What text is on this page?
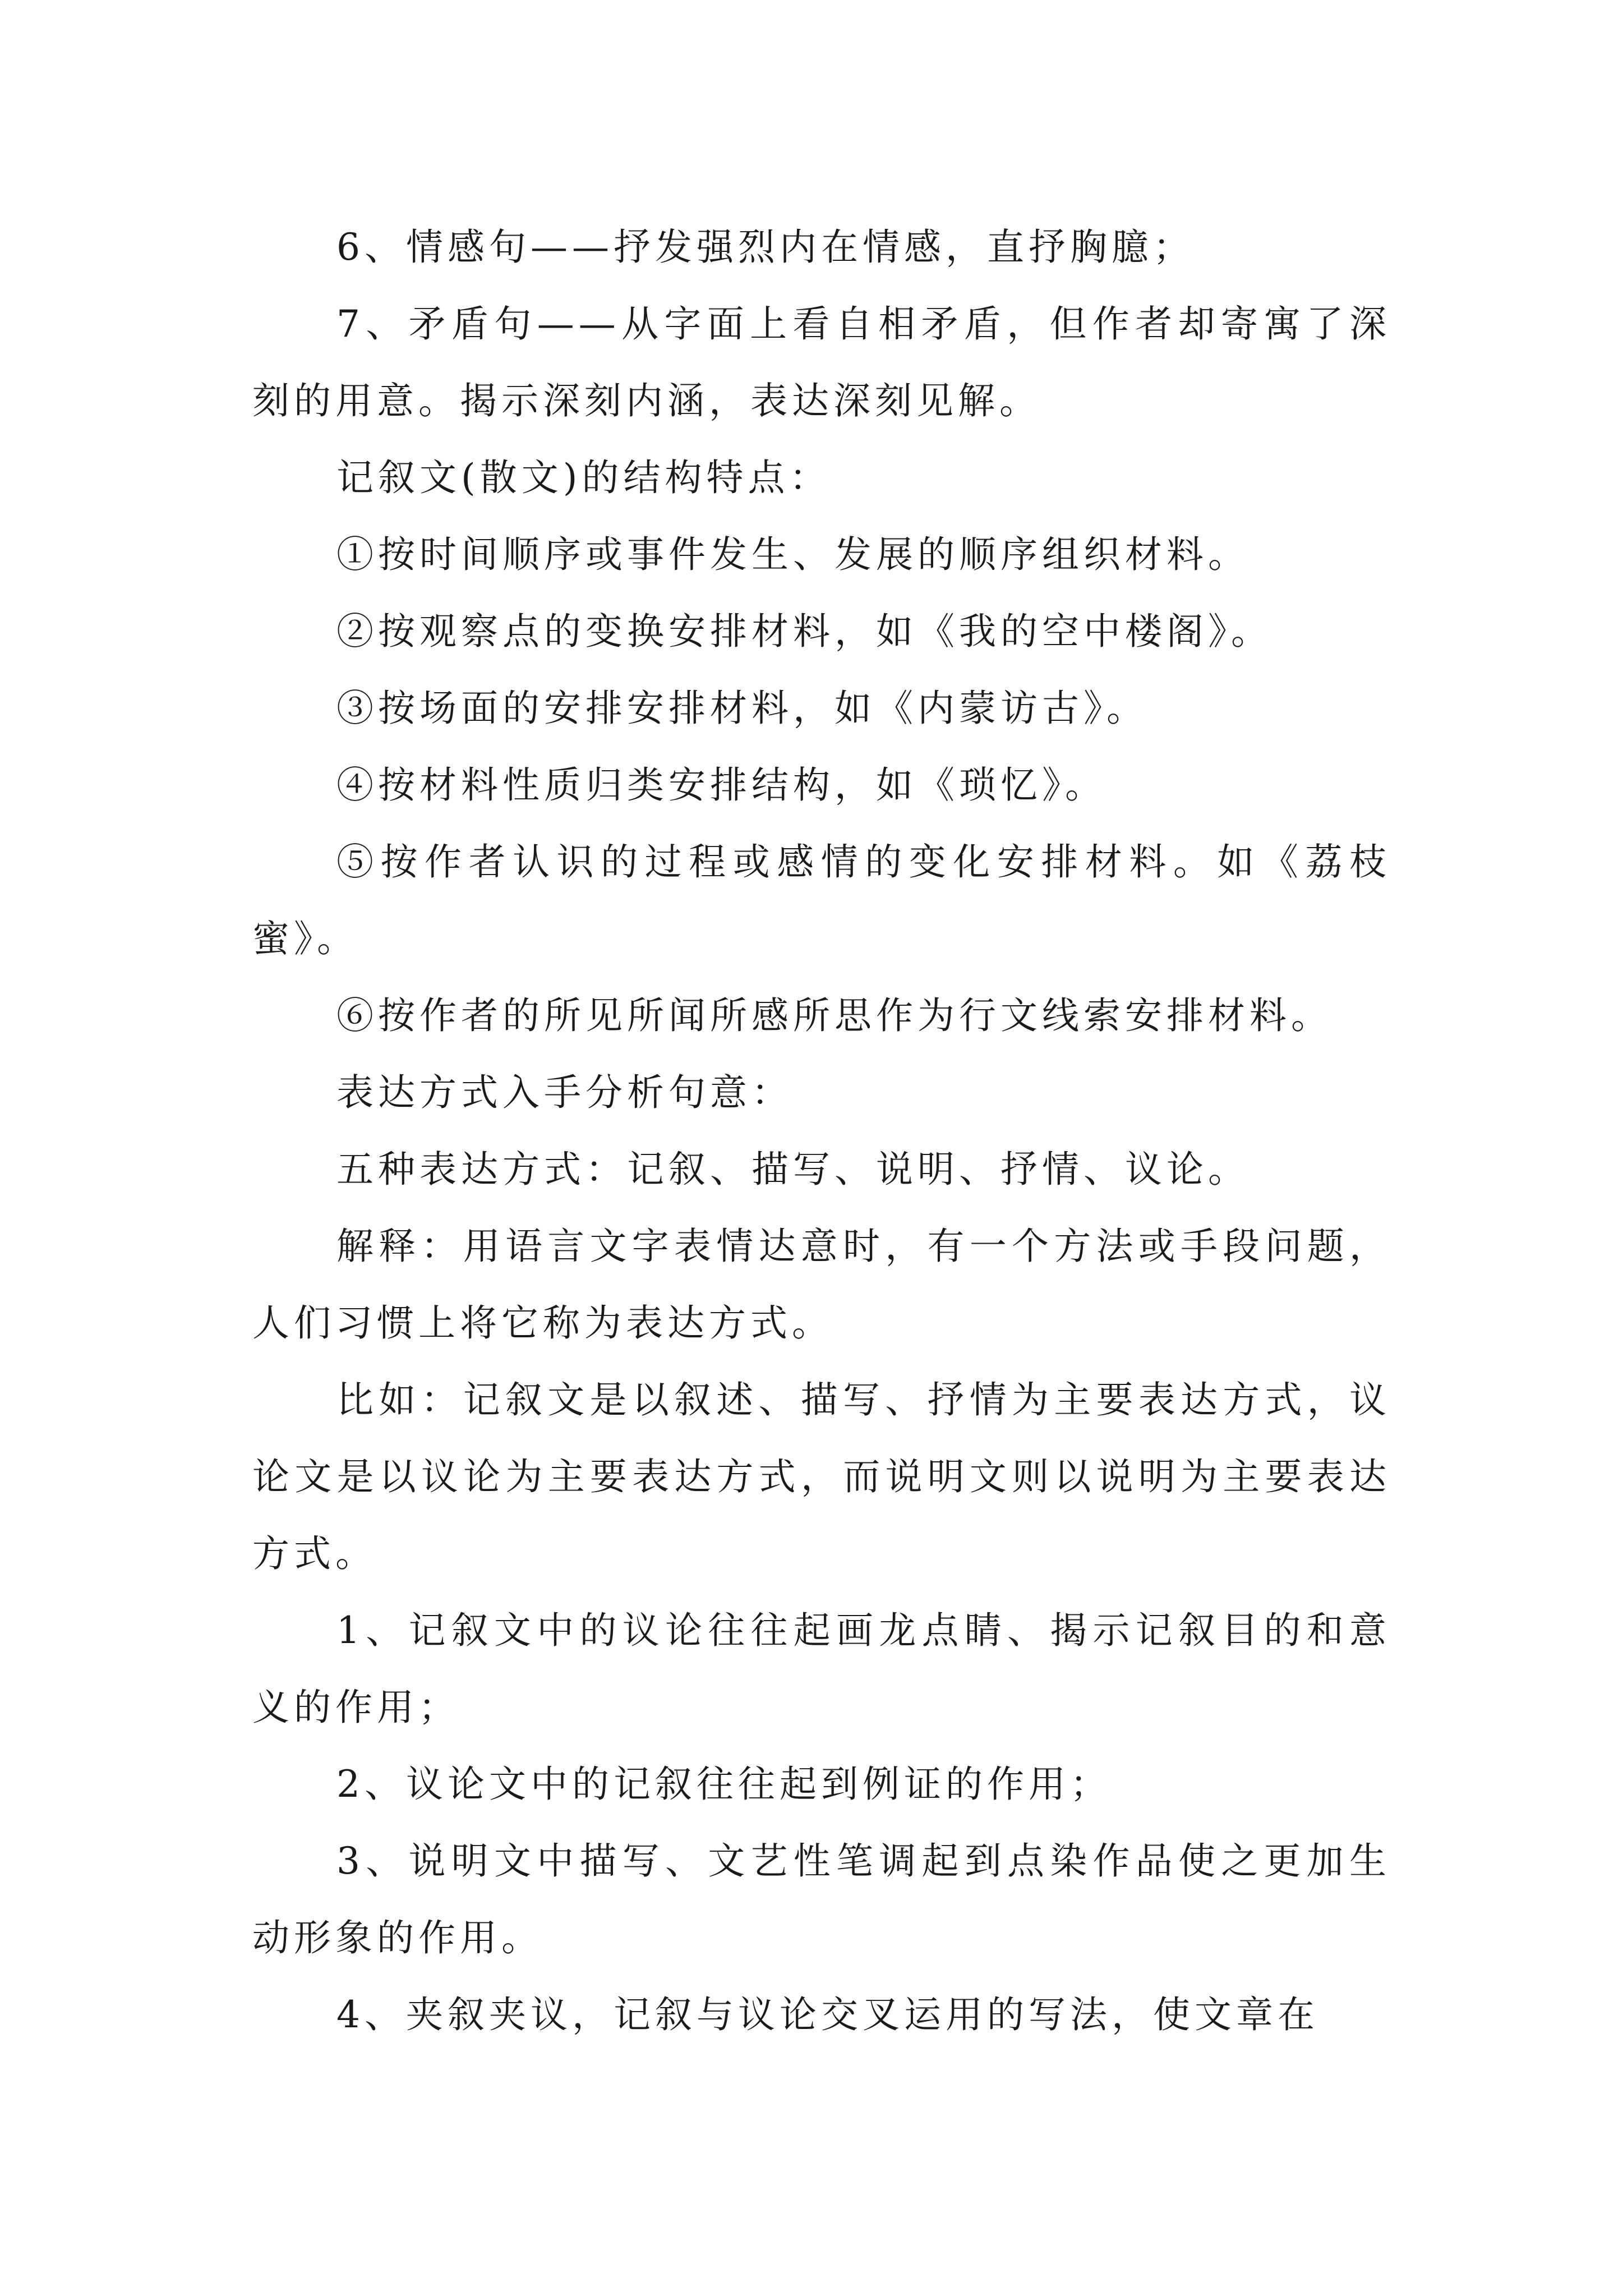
6、情感句——抒发强烈内在情感，直抒胸臆；

7、矛盾句——从字面上看自相矛盾，但作者却寄寓了深刻的用意。揭示深刻内涵，表达深刻见解。

记叙文(散文)的结构特点：

①按时间顺序或事件发生、发展的顺序组织材料。

②按观察点的变换安排材料，如《我的空中楼阁》。

③按场面的安排安排材料，如《内蒙访古》。

④按材料性质归类安排结构，如《琐忆》。

⑤按作者认识的过程或感情的变化安排材料。如《荔枝蜜》。

⑥按作者的所见所闻所感所思作为行文线索安排材料。

表达方式入手分析句意：

五种表达方式：记叙、描写、说明、抒情、议论。

解释：用语言文字表情达意时，有一个方法或手段问题，人们习惯上将它称为表达方式。

比如：记叙文是以叙述、描写、抒情为主要表达方式，议论文是以议论为主要表达方式，而说明文则以说明为主要表达方式。

1、记叙文中的议论往往起画龙点睛、揭示记叙目的和意义的作用；

2、议论文中的记叙往往起到例证的作用；

3、说明文中描写、文艺性笔调起到点染作品使之更加生动形象的作用。

4、夹叙夹议，记叙与议论交叉运用的写法，使文章在
